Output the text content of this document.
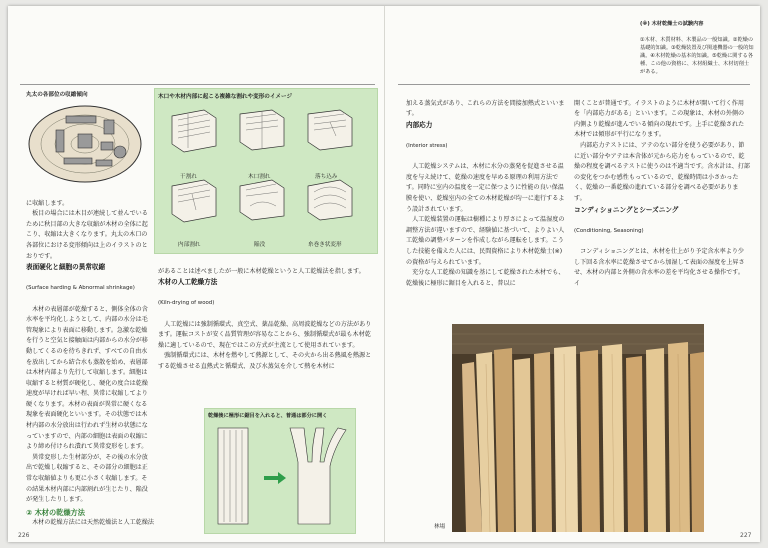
(※) 木材乾燥士の試験内容

①木材、木質材料、木製品の一般知識。②乾燥の基礎的知識。③乾燥装置及び関連機器の一般的知識。④木材乾燥の基本的知識。⑤乾燥に関する各種、この他の資格に、木材組織士、木材切削士がある。

丸太の各部位の収縮傾向	木口や木材内部に起こる複雑な割れや変形のイメージ
干割れ	木口割れ	落ち込み
内部割れ	陥没	糸巻き状変形

に収縮します。
　板目の場合には木目が連続して並んでいるために秋目部の大きな収縮が木材の全体に起こり、収縮は大きくなります。丸太の木口の各部位における変形傾向は上のイラストのとおりです。

表面硬化と細胞の異常収縮

(Surface harding & Abnormal shrinkage)

　木材の表層部が乾燥すると、側体全体の含水率を平均化しようとして、内部の水分は毛管現象により表面に移動します。急激な乾燥を行うと空気と接触面は内部からの水分が移動してくるのを待ちきれず、すべての自由水を放出してから結合水も蒸散を始め、表層部は木材内部より先行して収縮します。細胞は収縮すると材質が硬化し、硬化の度合は乾燥速度が早ければ早い程、異常に収縮してより硬くなります。木材の表面が異常に硬くなる現象を表面硬化といいます。その状態では木材内部の水分放出は行われず生材の状態になっていますので、内部の細胞は表面の収縮により締め付けられ潰れて異常変形をします。
　異常変形した生材部分が、その後の水分放出で乾燥し収縮すると、その部分の細胞は正常な収縮値よりも更に小さく収縮します。その結果木材内部に内部割れが生じたり、陥没が発生したりします。

② 木材の乾燥方法
　木材の乾燥方法には天然乾燥法と人工乾燥法

があることは述べましたが一般に木材乾燥というと人工乾燥法を指します。

木材の人工乾燥方法

(Kiln-drying of wood)

　人工乾燥には強制循環式、真空式、薬品乾燥、高周波乾燥などの方法があります。運転コストが安く品質管理が容易なことから、強制循環式が最も木材乾燥に適しているので、現在ではこの方式が主流として使用されています。
　強制循環式には、木材を燃やして熱源として、その火から出る熱風を熱源とする乾燥させる直熱式と循環式、及び水蒸気を介して熱を木材に

乾燥後に極形に鋸目を入れると、普通は部分に開く
226

加える蒸気式があり、これらの方法を間接加熱式といいます。

内部応力

(Interior stress)

　人工乾燥システムは、木材に水分の蒸発を促進させる温度を与え続けて、乾燥の速度を早める原理の利用方法です。同時に室内の温度を一定に保つように性能の良い保温膜を使い、乾燥室内の全ての木材乾燥が均一に進行するよう設計されています。
　人工乾燥装置の運転は樹種により厚さによって温湿度の調整方法が違いますので、経験値に基づいて、よりよい人工乾燥の調整パターンを作成しながら運転をします。こうした技能を備えた人には、民間資格により木材乾燥士(※)の資格が与えられています。
　充分な人工乾燥の知識を基にして乾燥された木材でも、乾燥後に極形に鋸目を入れると、普以に

開くことが普通です。イラストのように木材が開いて行く作用を「内部応力がある」といいます。この現象は、木材の外側の内側より乾燥が進んでいる傾向の現れです。上手に乾燥された木材では傾形が平行になります。
　内部応力テストには、アテのない部分を使う必要があり、節に近い部分やアテは本含体が元から応力をもっているので、乾燥の程度を調べるテストに使うのは不適当です。含水計は、打部の変化をつかむ感性もっているので、乾燥時間は小さかったく、乾燥の一番乾燥の進れている部分を調べる必要があります。

コンディショニングとシーズニング

(Conditioning, Seasoning)

　コンディショニングとは、木材を仕上がり予定含水率より少し下回る含水率に乾燥させてから加湿して表面の湿度を上昇させ、木材の内部と外側の含水率の差を平均化させる操作です。イ

林場
227
